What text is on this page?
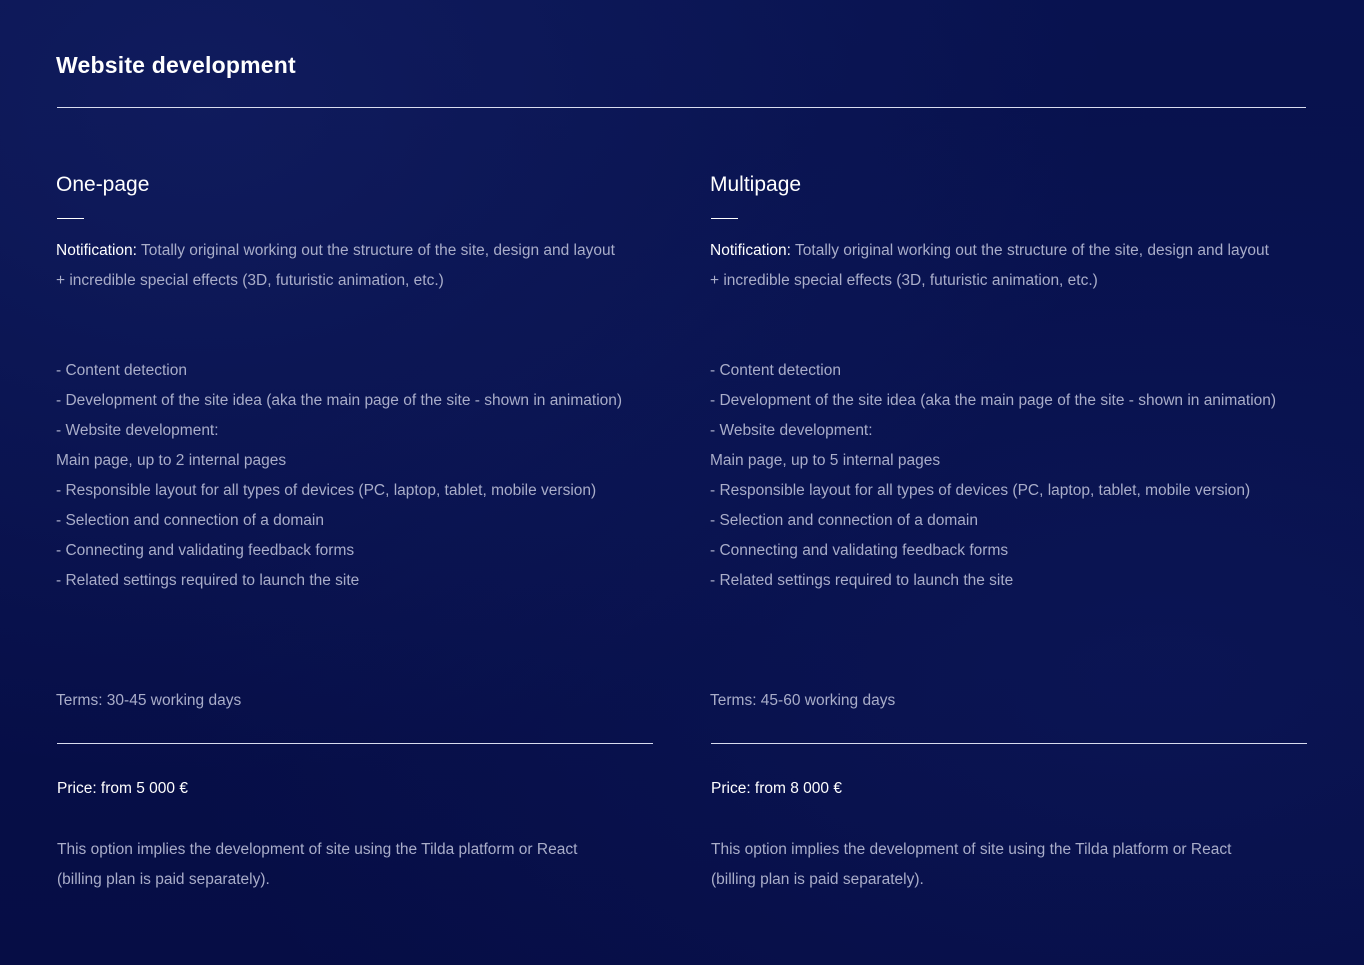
Website development
One-page

Notification: Totally original working out the structure of the site, design and layout
+ incredible special effects (3D, futuristic animation, etc.)

- Content detection
- Development of the site idea (aka the main page of the site - shown in animation)
- Website development:
Main page, up to 2 internal pages
- Responsible layout for all types of devices (PC, laptop, tablet, mobile version)
- Selection and connection of a domain
- Connecting and validating feedback forms
- Related settings required to launch the site

Terms: 30-45 working days

Price: from 5 000 €

This option implies the development of site using the Tilda platform or React
(billing plan is paid separately).

Multipage

Notification: Totally original working out the structure of the site, design and layout
+ incredible special effects (3D, futuristic animation, etc.)

- Content detection
- Development of the site idea (aka the main page of the site - shown in animation)
- Website development:
Main page, up to 5 internal pages
- Responsible layout for all types of devices (PC, laptop, tablet, mobile version)
- Selection and connection of a domain
- Connecting and validating feedback forms
- Related settings required to launch the site

Terms: 45-60 working days

Price: from 8 000 €

This option implies the development of site using the Tilda platform or React
(billing plan is paid separately).
